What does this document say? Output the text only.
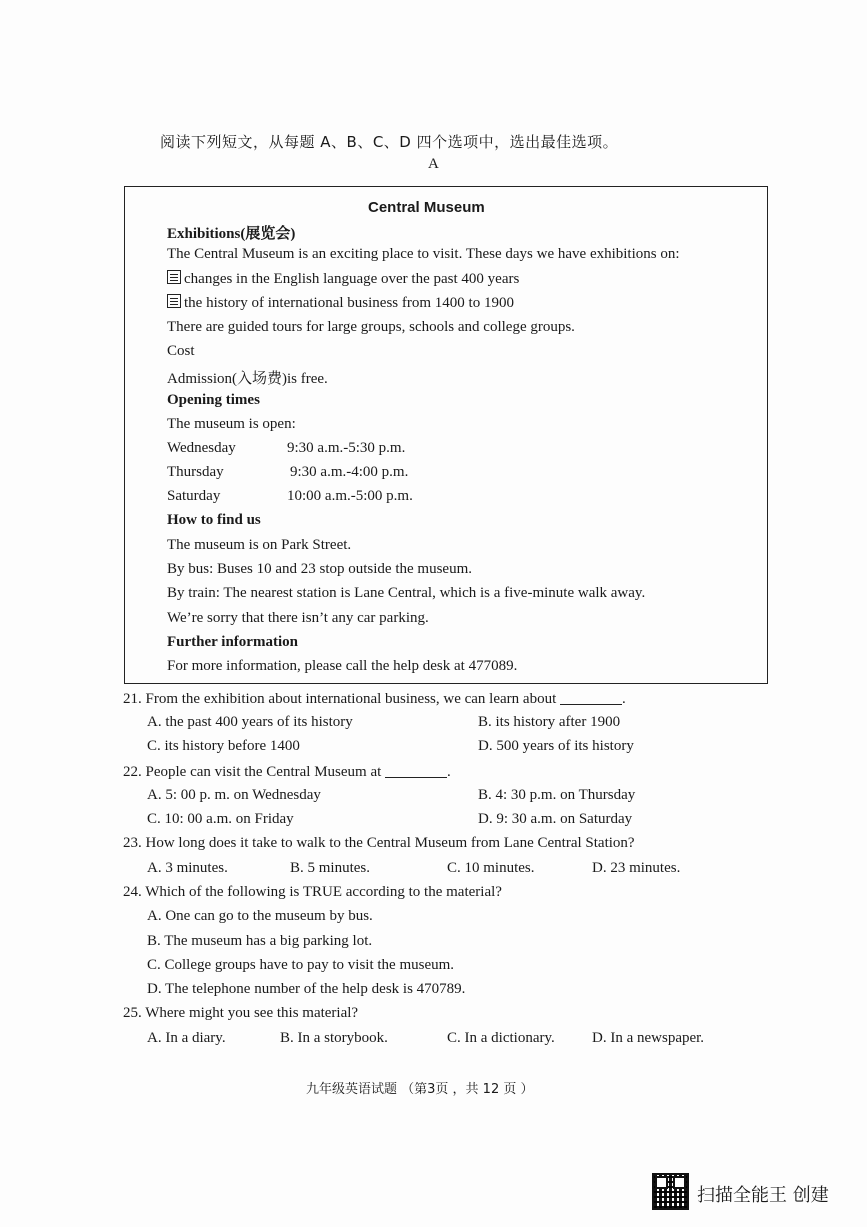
阅读下列短文，从每题 A、B、C、D 四个选项中，选出最佳选项。
A
Central Museum
Exhibitions(展览会)
The Central Museum is an exciting place to visit. These days we have exhibitions on:
changes in the English language over the past 400 years
the history of international business from 1400 to 1900
There are guided tours for large groups, schools and college groups.
Cost
Admission(入场费)is free.
Opening times
The museum is open:
Wednesday	9:30 a.m.-5:30 p.m.
Thursday	9:30 a.m.-4:00 p.m.
Saturday	10:00 a.m.-5:00 p.m.
How to find us
The museum is on Park Street.
By bus: Buses 10 and 23 stop outside the museum.
By train: The nearest station is Lane Central, which is a five-minute walk away.
We’re sorry that there isn’t any car parking.
Further information
For more information, please call the help desk at 477089.
21. From the exhibition about international business, we can learn about	.
A. the past 400 years of its history	B. its history after 1900
C. its history before 1400	D. 500 years of its history
22. People can visit the Central Museum at	.
A. 5: 00 p. m. on Wednesday	B. 4: 30 p.m. on Thursday
C. 10: 00 a.m. on Friday	D. 9: 30 a.m. on Saturday
23. How long does it take to walk to the Central Museum from Lane Central Station?
A. 3 minutes.	B. 5 minutes.	C. 10 minutes.	D. 23 minutes.
24. Which of the following is TRUE according to the material?
A. One can go to the museum by bus.
B. The museum has a big parking lot.
C. College groups have to pay to visit the museum.
D. The telephone number of the help desk is 470789.
25. Where might you see this material?
A. In a diary.	B. In a storybook.	C. In a dictionary. D. In a newspaper.
九年级英语试题 （第3页 ，共 12 页 ）
扫描全能王 创建
